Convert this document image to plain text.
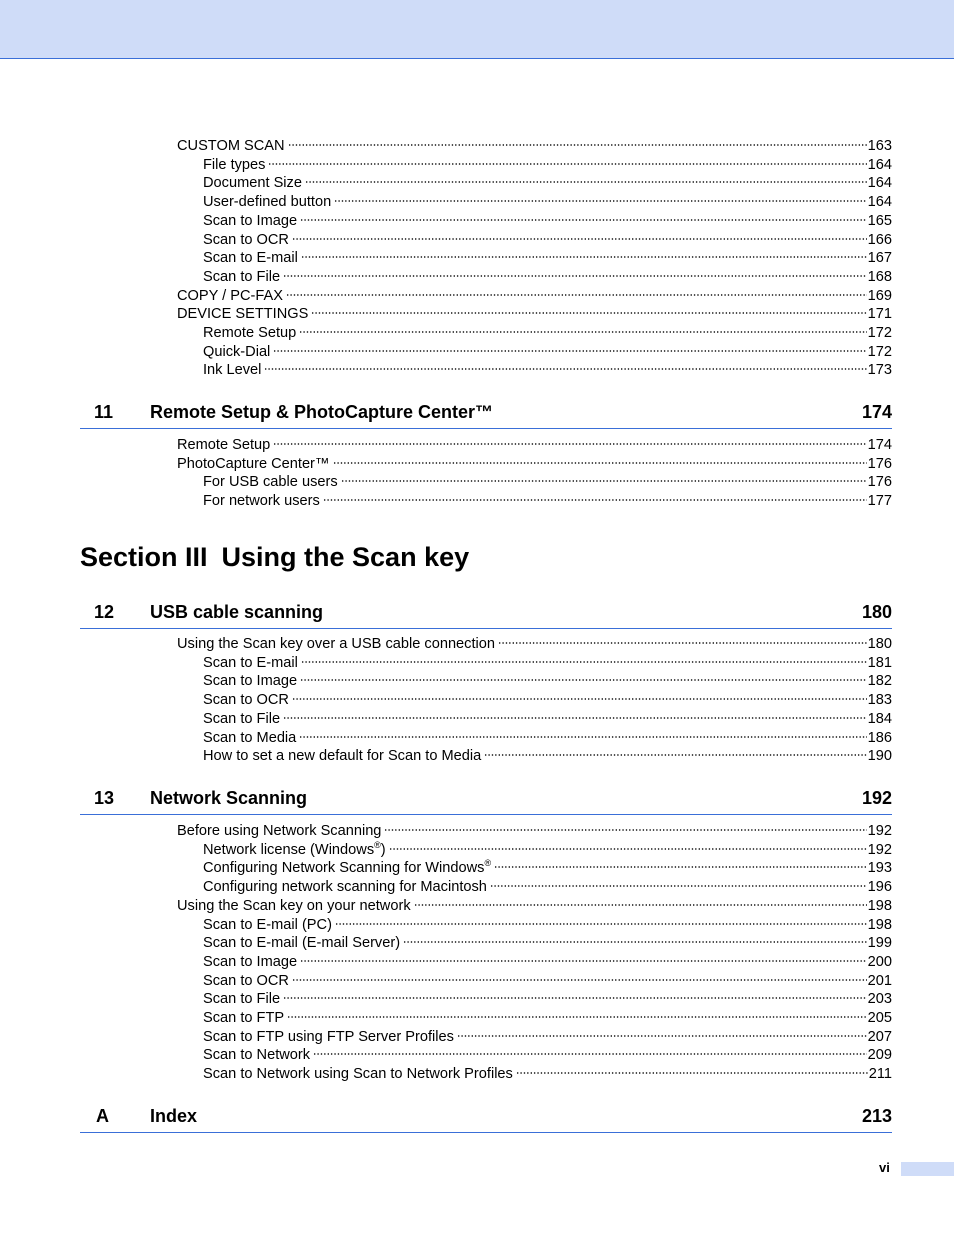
CUSTOM SCAN	163
File types	164
Document Size	164
User-defined button	164
Scan to Image	165
Scan to OCR	166
Scan to E-mail	167
Scan to File	168
COPY / PC-FAX	169
DEVICE SETTINGS	171
Remote Setup	172
Quick-Dial	172
Ink Level	173
11 Remote Setup & PhotoCapture Center™	174
Remote Setup	174
PhotoCapture Center™	176
For USB cable users	176
For network users	177
Section III Using the Scan key
12 USB cable scanning	180
Using the Scan key over a USB cable connection	180
Scan to E-mail	181
Scan to Image	182
Scan to OCR	183
Scan to File	184
Scan to Media	186
How to set a new default for Scan to Media	190
13 Network Scanning	192
Before using Network Scanning	192
Network license (Windows®)	192
Configuring Network Scanning for Windows®	193
Configuring network scanning for Macintosh	196
Using the Scan key on your network	198
Scan to E-mail (PC)	198
Scan to E-mail (E-mail Server)	199
Scan to Image	200
Scan to OCR	201
Scan to File	203
Scan to FTP	205
Scan to FTP using FTP Server Profiles	207
Scan to Network	209
Scan to Network using Scan to Network Profiles	211
A Index	213
vi
